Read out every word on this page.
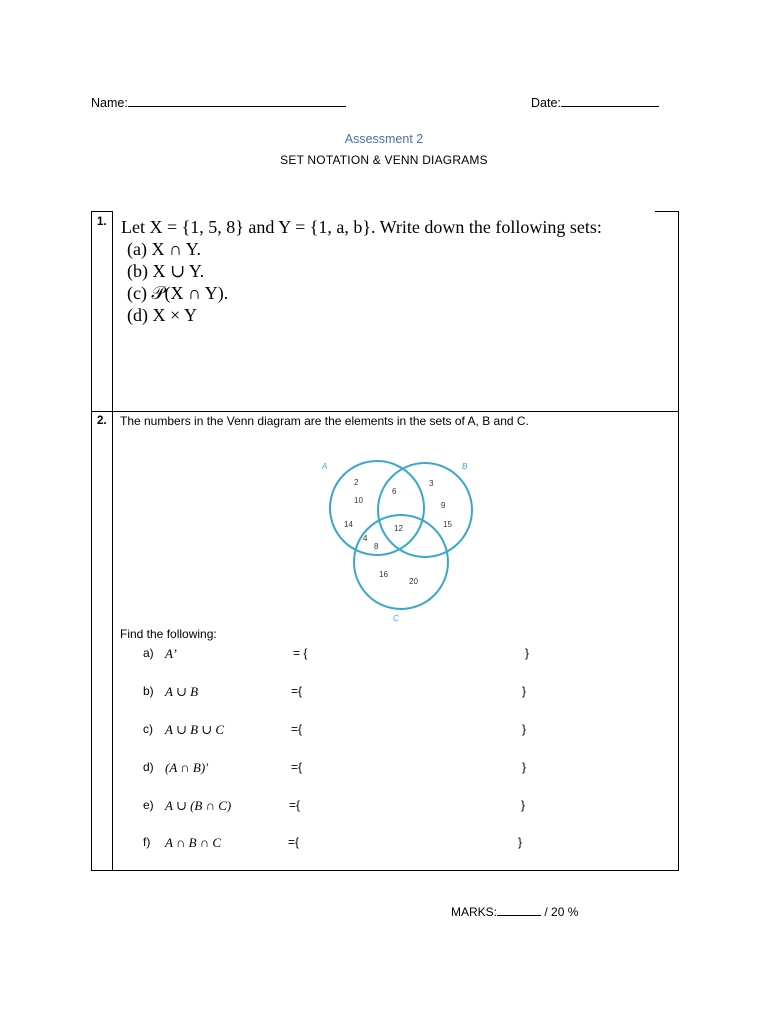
Name:	Date:
Assessment 2
SET NOTATION & VENN DIAGRAMS
1. Let X = {1, 5, 8} and Y = {1, a, b}. Write down the following sets:
(a) X ∩ Y.
(b) X ∪ Y.
(c) 𝒫(X ∩ Y).
(d) X × Y
2. The numbers in the Venn diagram are the elements in the sets of A, B and C.
A	B
C
2
10
6
3
9
14	12	15
4
8
16
20
Find the following:
a) A’	= {	}
b) A ∪ B	={	}
c) A ∪ B ∪ C	={	}
d) (A ∩ B)′	={	}
e) A ∪ (B ∩ C)	={	}
f) A ∩ B ∩ C	={	}
MARKS:	/ 20 %
